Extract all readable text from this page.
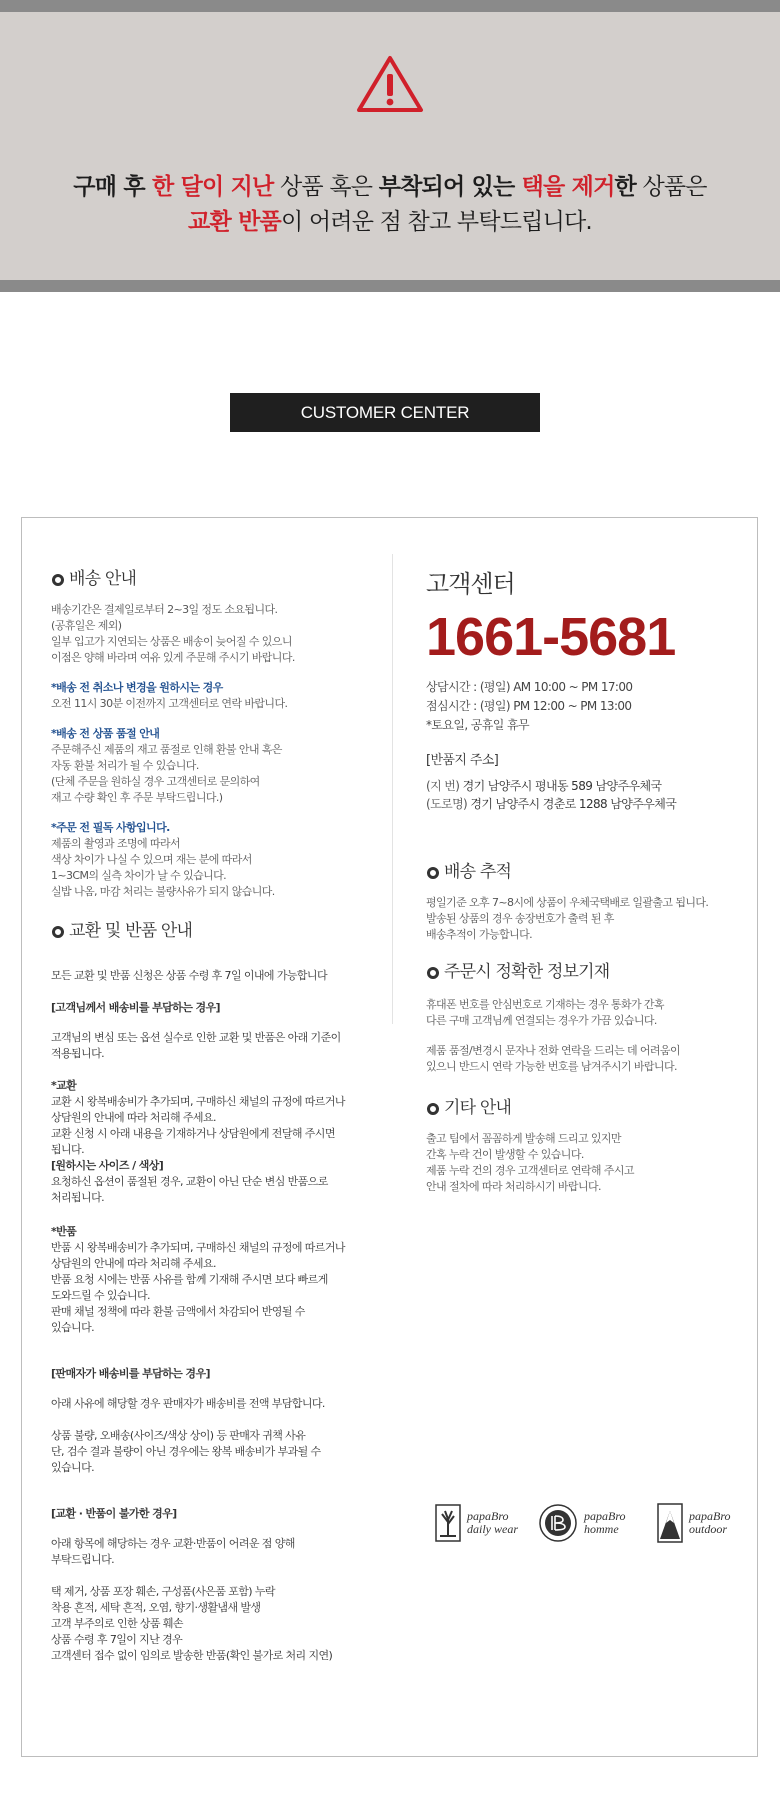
구매 후 한 달이 지난 상품 혹은 부착되어 있는 택을 제거한 상품은
교환 반품이 어려운 점 참고 부탁드립니다.
CUSTOMER CENTER
배송 안내
배송기간은 결제일로부터 2~3일 정도 소요됩니다.
(공휴일은 제외)
일부 입고가 지연되는 상품은 배송이 늦어질 수 있으니
이점은 양해 바라며 여유 있게 주문해 주시기 바랍니다.
*배송 전 취소나 변경을 원하시는 경우
오전 11시 30분 이전까지 고객센터로 연락 바랍니다.
*배송 전 상품 품절 안내
주문해주신 제품의 재고 품절로 인해 환불 안내 혹은
자동 환불 처리가 될 수 있습니다.
(단체 주문을 원하실 경우 고객센터로 문의하여
재고 수량 확인 후 주문 부탁드립니다.)
*주문 전 필독 사항입니다.
제품의 촬영과 조명에 따라서
색상 차이가 나실 수 있으며 재는 분에 따라서
1~3CM의 실측 차이가 날 수 있습니다.
실밥 나옴, 마감 처리는 불량사유가 되지 않습니다.
교환 및 반품 안내
모든 교환 및 반품 신청은 상품 수령 후 7일 이내에 가능합니다
[고객님께서 배송비를 부담하는 경우]
고객님의 변심 또는 옵션 실수로 인한 교환 및 반품은 아래 기준이
적용됩니다.
*교환
교환 시 왕복배송비가 추가되며, 구매하신 채널의 규정에 따르거나
상담원의 안내에 따라 처리해 주세요.
교환 신청 시 아래 내용을 기재하거나 상담원에게 전달해 주시면
됩니다.
[원하시는 사이즈 / 색상]
요청하신 옵션이 품절된 경우, 교환이 아닌 단순 변심 반품으로
처리됩니다.
*반품
반품 시 왕복배송비가 추가되며, 구매하신 채널의 규정에 따르거나
상담원의 안내에 따라 처리해 주세요.
반품 요청 시에는 반품 사유를 함께 기재해 주시면 보다 빠르게
도와드릴 수 있습니다.
판매 채널 정책에 따라 환불 금액에서 차감되어 반영될 수
있습니다.
[판매자가 배송비를 부담하는 경우]
아래 사유에 해당할 경우 판매자가 배송비를 전액 부담합니다.
상품 불량, 오배송(사이즈/색상 상이) 등 판매자 귀책 사유
단, 검수 결과 불량이 아닌 경우에는 왕복 배송비가 부과될 수
있습니다.
[교환 · 반품이 불가한 경우]
아래 항목에 해당하는 경우 교환·반품이 어려운 점 양해
부탁드립니다.
택 제거, 상품 포장 훼손, 구성품(사은품 포함) 누락
착용 흔적, 세탁 흔적, 오염, 향기·생활냄새 발생
고객 부주의로 인한 상품 훼손
상품 수령 후 7일이 지난 경우
고객센터 접수 없이 임의로 발송한 반품(확인 불가로 처리 지연)
고객센터
1661-5681
상담시간 : (평일) AM 10:00 ~ PM 17:00
점심시간 : (평일) PM 12:00 ~ PM 13:00
*토요일, 공휴일 휴무
[반품지 주소]
(지 번) 경기 남양주시 평내동 589 남양주우체국
(도로명) 경기 남양주시 경춘로 1288 남양주우체국
배송 추적
평일기준 오후 7~8시에 상품이 우체국택배로 일괄출고 됩니다.
발송된 상품의 경우 송장번호가 출력 된 후
배송추적이 가능합니다.
주문시 정확한 정보기재
휴대폰 번호를 안심번호로 기재하는 경우 통화가 간혹
다른 구매 고객님께 연결되는 경우가 가끔 있습니다.
제품 품절/변경시 문자나 전화 연락을 드리는 데 어려움이
있으니 반드시 연락 가능한 번호를 남겨주시기 바랍니다.
기타 안내
출고 팀에서 꼼꼼하게 발송해 드리고 있지만
간혹 누락 건이 발생할 수 있습니다.
제품 누락 건의 경우 고객센터로 연락해 주시고
안내 절차에 따라 처리하시기 바랍니다.
papaBro
daily wear
papaBro
homme
papaBro
outdoor
